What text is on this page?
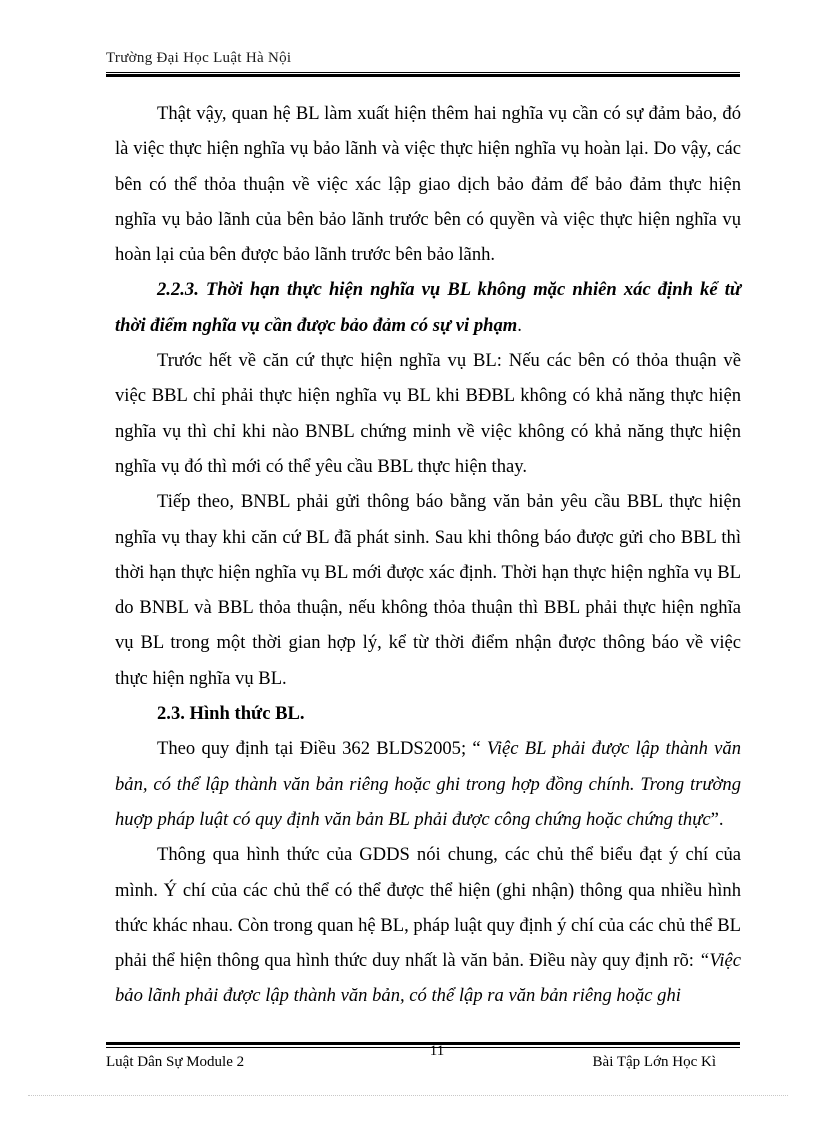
Trường Đại Học Luật Hà Nội

Thật vậy, quan hệ BL làm xuất hiện thêm hai nghĩa vụ cần có sự đảm bảo, đó là việc thực hiện nghĩa vụ bảo lãnh và việc thực hiện nghĩa vụ hoàn lại. Do vậy, các bên có thể thỏa thuận về việc xác lập giao dịch bảo đảm để bảo đảm thực hiện nghĩa vụ bảo lãnh của bên bảo lãnh trước bên có quyền và việc thực hiện nghĩa vụ hoàn lại của bên được bảo lãnh trước bên bảo lãnh.

2.2.3. Thời hạn thực hiện nghĩa vụ BL không mặc nhiên xác định kể từ thời điểm nghĩa vụ cần được bảo đảm có sự vi phạm.

Trước hết về căn cứ thực hiện nghĩa vụ BL: Nếu các bên có thỏa thuận về việc BBL chỉ phải thực hiện nghĩa vụ BL khi BĐBL không có khả năng thực hiện nghĩa vụ thì chỉ khi nào BNBL chứng minh về việc không có khả năng thực hiện nghĩa vụ đó thì mới có thể yêu cầu BBL thực hiện thay.

Tiếp theo, BNBL phải gửi thông báo bằng văn bản yêu cầu BBL thực hiện nghĩa vụ thay khi căn cứ BL đã phát sinh. Sau khi thông báo được gửi cho BBL thì thời hạn thực hiện nghĩa vụ BL mới được xác định. Thời hạn thực hiện nghĩa vụ BL do BNBL và BBL thỏa thuận, nếu không thỏa thuận thì BBL phải thực hiện nghĩa vụ BL trong một thời gian hợp lý, kể từ thời điểm nhận được thông báo về việc thực hiện nghĩa vụ BL.

2.3. Hình thức BL.

Theo quy định tại Điều 362 BLDS2005; “ Việc BL phải được lập thành văn bản, có thể lập thành văn bản riêng hoặc ghi trong hợp đồng chính. Trong trường huợp pháp luật có quy định văn bản BL phải được công chứng hoặc chứng thực”.

Thông qua hình thức của GDDS nói chung, các chủ thể biểu đạt ý chí của mình. Ý chí của các chủ thể có thể được thể hiện (ghi nhận) thông qua nhiều hình thức khác nhau. Còn trong quan hệ BL, pháp luật quy định ý chí của các chủ thể BL phải thể hiện thông qua hình thức duy nhất là văn bản. Điều này quy định rõ: “Việc bảo lãnh phải được lập thành văn bản, có thể lập ra văn bản riêng hoặc ghi

Luật Dân Sự Module 2
11
Bài Tập Lớn Học Kì
